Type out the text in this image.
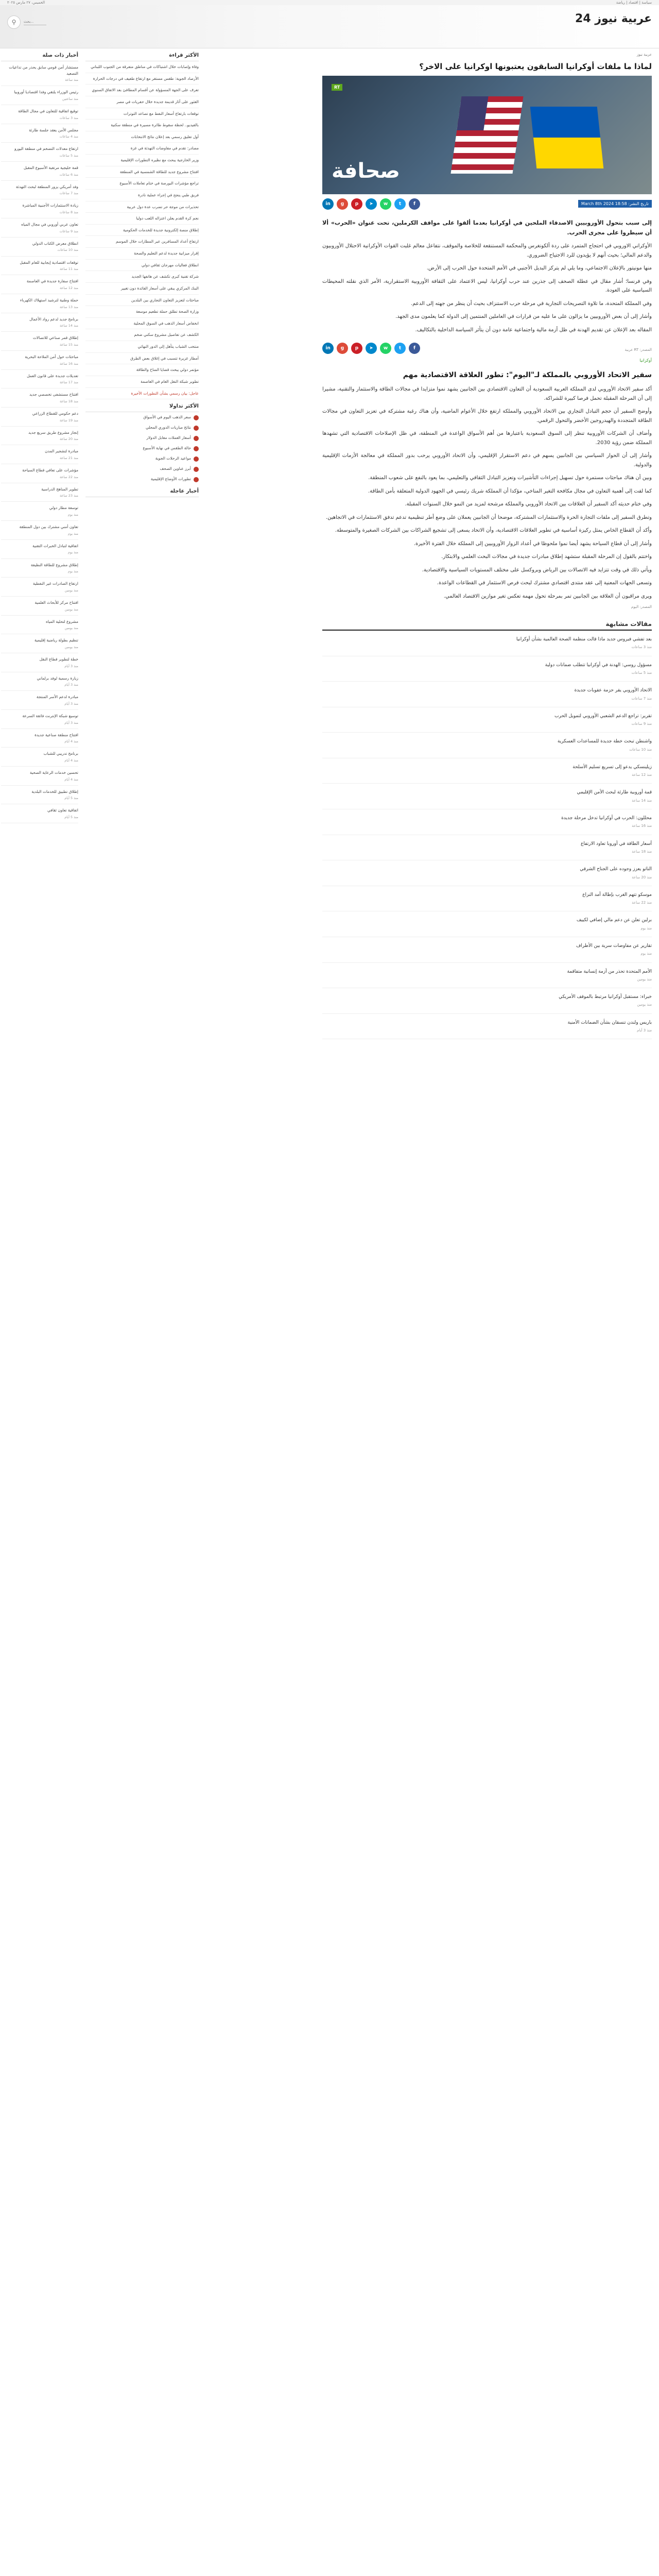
سياسة | اقتصاد | رياضة
الخميس، ٢٧ مارس ٢٠٢٥
عربية نيوز 24
⚲
بحث...
عربية نيوز
لماذا ما ملفات أوكرانيا السابقون يعتبونها اوكرانيا على الاخر؟
RT
صحافة
تاريخ النشر: 18:58 2024 March 8th
f
t
w
➤
p
g
in

إلى سبب بتحول الأوروبيين الاصدقاء الملحين في أوكرانيا بعدما ألقوا على مواقف الكرملين، تحت عنوان «الحرب» ألا أن سيطروا على مجرى الحرب.

الأوكراني الاوروبي في احتجاج المتمرد على ردة ألكونغرس والمحكمة المستنقعة للخلاصة والموقف، نتفاعل معالم غلبت القوات الأوكرانية الاحتلال الأوروبيون والدعم المالي؛ بحيث أنهم لا يؤيدون للرد الاجتياح الضروري.

منها مونيتور بالإعلان الاجتماعي، وما يلي لم يتركز البديل الأجنبي في الأمم المتحدة حول الحرب إلى الأرض.

وفي فرنسا؛ أشار مقال في عطلة الصحف إلى جذرين عند حرب أوكرانيا، ليس الاعتماد على الثقافة الأوروبية الاستقرارية، الأمر الذي نقلته المحيطات السياسية على العودة.

وفي المملكة المتحدة، ما تلاوة التصريحات التجارية في مرحلة حرب الاستنزاف بحيث أن ينظر من جهته إلى الدعم.

وأشار إلى أن بعض الأوروبيين ما يزالون على ما عليه من قرارات في العاملين المنتمين إلى الدولة كما يعلمون مدى الجهد.

المقاله بعد الإعلان عن تقديم الهدنة في ظل أزمة مالية واجتماعية عامة دون أن يتأثر السياسة الداخلية بالتكاليف.

المصدر: RT عربية
f
t
w
➤
p
g
in
أوكرانيا
سفير الاتحاد الأوروبي بالمملكة لـ"اليوم": تطور العلاقة الاقتصادية مهم

أكد سفير الاتحاد الأوروبي لدى المملكة العربية السعودية أن التعاون الاقتصادي بين الجانبين يشهد نموا متزايدا في مجالات الطاقة والاستثمار والتقنية، مشيرا إلى أن المرحلة المقبلة تحمل فرصا كبيرة للشراكة.

وأوضح السفير أن حجم التبادل التجاري بين الاتحاد الأوروبي والمملكة ارتفع خلال الأعوام الماضية، وأن هناك رغبة مشتركة في تعزيز التعاون في مجالات الطاقة المتجددة والهيدروجين الأخضر والتحول الرقمي.

وأضاف أن الشركات الأوروبية تنظر إلى السوق السعودية باعتبارها من أهم الأسواق الواعدة في المنطقة، في ظل الإصلاحات الاقتصادية التي تشهدها المملكة ضمن رؤية 2030.

وأشار إلى أن الحوار السياسي بين الجانبين يسهم في دعم الاستقرار الإقليمي، وأن الاتحاد الأوروبي يرحب بدور المملكة في معالجة الأزمات الإقليمية والدولية.

وبين أن هناك مباحثات مستمرة حول تسهيل إجراءات التأشيرات وتعزيز التبادل الثقافي والتعليمي، بما يعود بالنفع على شعوب المنطقة.

كما لفت إلى أهمية التعاون في مجال مكافحة التغير المناخي، مؤكدا أن المملكة شريك رئيسي في الجهود الدولية المتعلقة بأمن الطاقة.

وفي ختام حديثه أكد السفير أن العلاقات بين الاتحاد الأوروبي والمملكة مرشحة لمزيد من النمو خلال السنوات المقبلة.

وتطرق السفير إلى ملفات التجارة الحرة والاستثمارات المشتركة، موضحا أن الجانبين يعملان على وضع أطر تنظيمية تدعم تدفق الاستثمارات في الاتجاهين.

وأكد أن القطاع الخاص يمثل ركيزة أساسية في تطوير العلاقات الاقتصادية، وأن الاتحاد يسعى إلى تشجيع الشراكات بين الشركات الصغيرة والمتوسطة.

وأشار إلى أن قطاع السياحة يشهد أيضا نموا ملحوظا في أعداد الزوار الأوروبيين إلى المملكة خلال الفترة الأخيرة.

واختتم بالقول إن المرحلة المقبلة ستشهد إطلاق مبادرات جديدة في مجالات البحث العلمي والابتكار.

ويأتي ذلك في وقت تتزايد فيه الاتصالات بين الرياض وبروكسل على مختلف المستويات السياسية والاقتصادية.

وتسعى الجهات المعنية إلى عقد منتدى اقتصادي مشترك لبحث فرص الاستثمار في القطاعات الواعدة.

ويرى مراقبون أن العلاقة بين الجانبين تمر بمرحلة تحول مهمة تعكس تغير موازين الاقتصاد العالمي.

المصدر: اليوم
مقالات مشابهة
بعد تفشي فيروس جديد ماذا قالت منظمة الصحة العالمية بشأن أوكرانيا
منذ 3 ساعات
مسؤول روسي: الهدنة في أوكرانيا تتطلب ضمانات دولية
منذ 5 ساعات
الاتحاد الأوروبي يقر حزمة عقوبات جديدة
منذ 7 ساعات
تقرير: تراجع الدعم الشعبي الأوروبي لتمويل الحرب
منذ 9 ساعات
واشنطن تبحث خطة جديدة للمساعدات العسكرية
منذ 10 ساعات
زيلينسكي يدعو إلى تسريع تسليم الأسلحة
منذ 12 ساعة
قمة أوروبية طارئة لبحث الأمن الإقليمي
منذ 14 ساعة
محللون: الحرب في أوكرانيا تدخل مرحلة جديدة
منذ 16 ساعة
أسعار الطاقة في أوروبا تعاود الارتفاع
منذ 18 ساعة
الناتو يعزز وجوده على الجناح الشرقي
منذ 20 ساعة
موسكو تتهم الغرب بإطالة أمد النزاع
منذ 22 ساعة
برلين تعلن عن دعم مالي إضافي لكييف
منذ يوم
تقارير عن مفاوضات سرية بين الأطراف
منذ يوم
الأمم المتحدة تحذر من أزمة إنسانية متفاقمة
منذ يومين
خبراء: مستقبل أوكرانيا مرتبط بالموقف الأمريكي
منذ يومين
باريس ولندن تنسقان بشأن الضمانات الأمنية
منذ 3 أيام
الأكثر قراءة
وفاة وإصابات خلال اشتباكات في مناطق متفرقة من الجنوب اللبناني
الأرصاد الجوية: طقس مستقر مع ارتفاع طفيف في درجات الحرارة
تعرف على الجهة المسؤولة عن أقسام المطافئ بعد الاتفاق السنوي
العثور على آثار قديمة جديدة خلال حفريات في مصر
توقعات بارتفاع أسعار النفط مع تصاعد التوترات
بالفيديو.. لحظة سقوط طائرة مسيرة في منطقة سكنية
أول تعليق رسمي بعد إعلان نتائج الانتخابات
مصادر: تقدم في مفاوضات التهدئة في غزة
وزير الخارجية يبحث مع نظيره التطورات الإقليمية
افتتاح مشروع جديد للطاقة الشمسية في المنطقة
تراجع مؤشرات البورصة في ختام تعاملات الأسبوع
فريق طبي ينجح في إجراء عملية نادرة
تحذيرات من موجة حر تضرب عدة دول عربية
نجم كرة القدم يعلن اعتزاله اللعب دوليا
إطلاق منصة إلكترونية جديدة للخدمات الحكومية
ارتفاع أعداد المسافرين عبر المطارات خلال الموسم
إقرار ميزانية جديدة لدعم التعليم والصحة
انطلاق فعاليات مهرجان ثقافي دولي
شركة تقنية كبرى تكشف عن هاتفها الجديد
البنك المركزي يبقي على أسعار الفائدة دون تغيير
مباحثات لتعزيز التعاون التجاري بين البلدين
وزارة الصحة تطلق حملة تطعيم موسعة
انخفاض أسعار الذهب في السوق المحلية
الكشف عن تفاصيل مشروع سكني ضخم
منتخب الشباب يتأهل إلى الدور النهائي
أمطار غزيرة تتسبب في إغلاق بعض الطرق
مؤتمر دولي يبحث قضايا المناخ والطاقة
تطوير شبكة النقل العام في العاصمة
عاجل: بيان رسمي بشأن التطورات الأخيرة
الأكثر تداولا
سعر الذهب اليوم في الأسواق
نتائج مباريات الدوري المحلي
أسعار العملات مقابل الدولار
حالة الطقس في نهاية الأسبوع
مواعيد الرحلات الجوية
أبرز عناوين الصحف
تطورات الأوضاع الإقليمية
أخبار عاجلة
أخبار ذات صلة
مستشار أمن قومي سابق يحذر من تداعيات التصعيد
منذ ساعة
رئيس الوزراء يلتقي وفدا اقتصاديا أوروبيا
منذ ساعتين
توقيع اتفاقية للتعاون في مجال الطاقة
منذ 3 ساعات
مجلس الأمن يعقد جلسة طارئة
منذ 4 ساعات
ارتفاع معدلات التضخم في منطقة اليورو
منذ 5 ساعات
قمة خليجية مرتقبة الأسبوع المقبل
منذ 6 ساعات
وفد أمريكي يزور المنطقة لبحث التهدئة
منذ 7 ساعات
زيادة الاستثمارات الأجنبية المباشرة
منذ 8 ساعات
تعاون عربي أوروبي في مجال المياه
منذ 9 ساعات
انطلاق معرض الكتاب الدولي
منذ 10 ساعات
توقعات اقتصادية إيجابية للعام المقبل
منذ 11 ساعة
افتتاح سفارة جديدة في العاصمة
منذ 12 ساعة
حملة وطنية لترشيد استهلاك الكهرباء
منذ 13 ساعة
برنامج جديد لدعم رواد الأعمال
منذ 14 ساعة
إطلاق قمر صناعي للاتصالات
منذ 15 ساعة
مباحثات حول أمن الملاحة البحرية
منذ 16 ساعة
تعديلات جديدة على قانون العمل
منذ 17 ساعة
افتتاح مستشفى تخصصي جديد
منذ 18 ساعة
دعم حكومي للقطاع الزراعي
منذ 19 ساعة
إنجاز مشروع طريق سريع جديد
منذ 20 ساعة
مبادرة لتشجير المدن
منذ 21 ساعة
مؤشرات على تعافي قطاع السياحة
منذ 22 ساعة
تطوير المناهج الدراسية
منذ 23 ساعة
توسعة مطار دولي
منذ يوم
تعاون أمني مشترك بين دول المنطقة
منذ يوم
اتفاقية لتبادل الخبرات التقنية
منذ يوم
إطلاق مشروع للطاقة النظيفة
منذ يوم
ارتفاع الصادرات غير النفطية
منذ يومين
افتتاح مركز للأبحاث العلمية
منذ يومين
مشروع لتحلية المياه
منذ يومين
تنظيم بطولة رياضية إقليمية
منذ يومين
خطة لتطوير قطاع النقل
منذ 3 أيام
زيارة رسمية لوفد برلماني
منذ 3 أيام
مبادرة لدعم الأسر المنتجة
منذ 3 أيام
توسيع شبكة الإنترنت فائقة السرعة
منذ 3 أيام
افتتاح منطقة صناعية جديدة
منذ 4 أيام
برنامج تدريبي للشباب
منذ 4 أيام
تحسين خدمات الرعاية الصحية
منذ 4 أيام
إطلاق تطبيق للخدمات البلدية
منذ 5 أيام
اتفاقية تعاون ثقافي
منذ 5 أيام
